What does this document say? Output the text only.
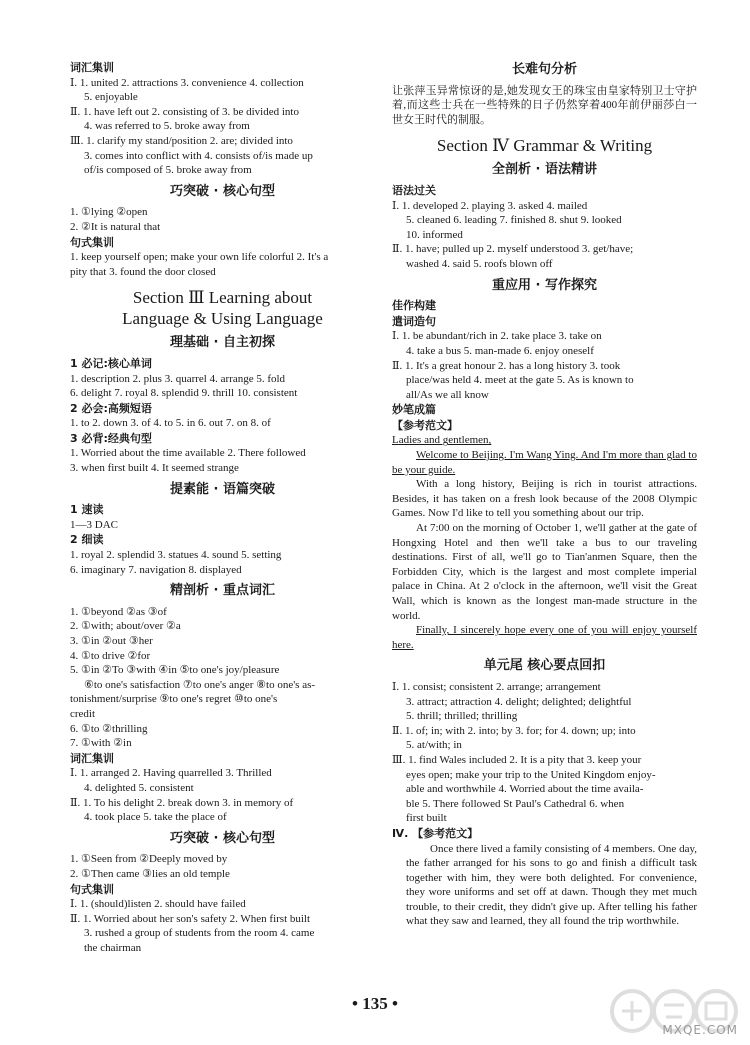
词汇集训
Ⅰ. 1. united 2. attractions 3. convenience 4. collection
5. enjoyable
Ⅱ. 1. have left out 2. consisting of 3. be divided into
4. was referred to 5. broke away from
Ⅲ. 1. clarify my stand/position 2. are; divided into
3. comes into conflict with 4. consists of/is made up
of/is composed of 5. broke away from
巧突破 · 核心句型
1. ①lying ②open
2. ②It is natural that
句式集训
1. keep yourself open; make your own life colorful 2. It's a
pity that 3. found the door closed
Section Ⅲ Learning about
Language & Using Language
理基础 · 自主初探
1 必记:核心单词
1. description 2. plus 3. quarrel 4. arrange 5. fold
6. delight 7. royal 8. splendid 9. thrill 10. consistent
2 必会:高频短语
1. to 2. down 3. of 4. to 5. in 6. out 7. on 8. of
3 必背:经典句型
1. Worried about the time available 2. There followed
3. when first built 4. It seemed strange
提素能 · 语篇突破
1 速读
1—3 DAC
2 细读
1. royal 2. splendid 3. statues 4. sound 5. setting
6. imaginary 7. navigation 8. displayed
精剖析 · 重点词汇
1. ①beyond ②as ③of
2. ①with; about/over ②a
3. ①in ②out ③her
4. ①to drive ②for
5. ①in ②To ③with ④in ⑤to one's joy/pleasure
⑥to one's satisfaction ⑦to one's anger ⑧to one's as-
tonishment/surprise ⑨to one's regret ⑩to one's
credit
6. ①to ②thrilling
7. ①with ②in
词汇集训
Ⅰ. 1. arranged 2. Having quarrelled 3. Thrilled
4. delighted 5. consistent
Ⅱ. 1. To his delight 2. break down 3. in memory of
4. took place 5. take the place of
巧突破 · 核心句型
1. ①Seen from ②Deeply moved by
2. ①Then came ③lies an old temple
句式集训
Ⅰ. 1. (should)listen 2. should have failed
Ⅱ. 1. Worried about her son's safety 2. When first built
3. rushed a group of students from the room 4. came
the chairman
长难句分析
让张萍玉异常惊讶的是,她发现女王的珠宝由皇家特别卫士守护着,而这些士兵在一些特殊的日子仍然穿着400年前伊丽莎白一世女王时代的制服。
Section Ⅳ Grammar & Writing
全剖析 · 语法精讲
语法过关
Ⅰ. 1. developed 2. playing 3. asked 4. mailed
5. cleaned 6. leading 7. finished 8. shut 9. looked
10. informed
Ⅱ. 1. have; pulled up 2. myself understood 3. get/have;
washed 4. said 5. roofs blown off
重应用 · 写作探究
佳作构建
遣词造句
Ⅰ. 1. be abundant/rich in 2. take place 3. take on
4. take a bus 5. man-made 6. enjoy oneself
Ⅱ. 1. It's a great honour 2. has a long history 3. took
place/was held 4. meet at the gate 5. As is known to
all/As we all know
妙笔成篇
【参考范文】
Ladies and gentlemen,
Welcome to Beijing. I'm Wang Ying. And I'm more than glad to be your guide.
With a long history, Beijing is rich in tourist attractions. Besides, it has taken on a fresh look because of the 2008 Olympic Games. Now I'd like to tell you something about our trip.
At 7:00 on the morning of October 1, we'll gather at the gate of Hongxing Hotel and then we'll take a bus to our traveling destinations. First of all, we'll go to Tian'anmen Square, then the Forbidden City, which is the largest and most complete imperial palace in China. At 2 o'clock in the afternoon, we'll visit the Great Wall, which is known as the longest man-made structure in the world.
Finally, I sincerely hope every one of you will enjoy yourself here.
单元尾 核心要点回扣
Ⅰ. 1. consist; consistent 2. arrange; arrangement
3. attract; attraction 4. delight; delighted; delightful
5. thrill; thrilled; thrilling
Ⅱ. 1. of; in; with 2. into; by 3. for; for 4. down; up; into
5. at/with; in
Ⅲ. 1. find Wales included 2. It is a pity that 3. keep your
eyes open; make your trip to the United Kingdom enjoy-
able and worthwhile 4. Worried about the time availa-
ble 5. There followed St Paul's Cathedral 6. when
first built
Ⅳ. 【参考范文】
Once there lived a family consisting of 4 members. One day, the father arranged for his sons to go and finish a difficult task together with him, they were both delighted. For convenience, they wore uniforms and set off at dawn. Though they met much trouble, to their credit, they didn't give up. After telling his father what they saw and learned, they all found the trip worthwhile.
• 135 •
MXQE.COM
